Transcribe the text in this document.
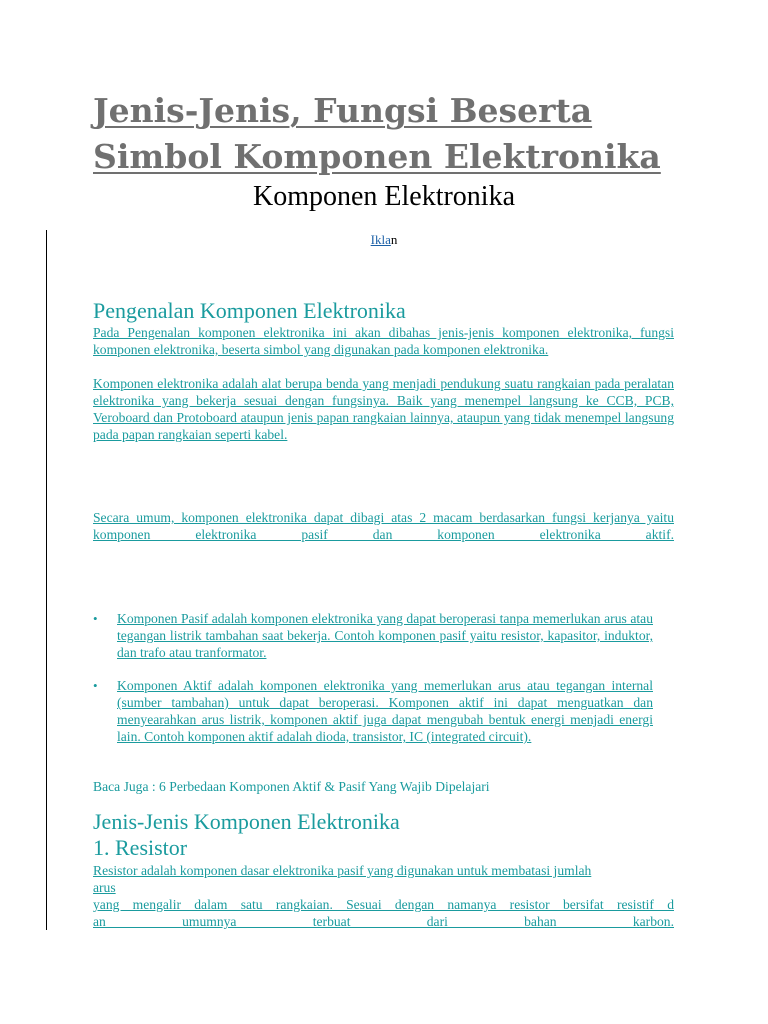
Jenis-Jenis, Fungsi Beserta Simbol Komponen Elektronika
Komponen Elektronika
Iklan
Pengenalan Komponen Elektronika

Pada Pengenalan komponen elektronika ini akan dibahas jenis-jenis komponen elektronika, fungsi komponen elektronika, beserta simbol yang digunakan pada komponen elektronika.

Komponen elektronika adalah alat berupa benda yang menjadi pendukung suatu rangkaian pada peralatan elektronika yang bekerja sesuai dengan fungsinya. Baik yang menempel langsung ke CCB, PCB, Veroboard dan Protoboard ataupun jenis papan rangkaian lainnya, ataupun yang tidak menempel langsung pada papan rangkaian seperti kabel.

Secara umum, komponen elektronika dapat dibagi atas 2 macam berdasarkan fungsi kerjanya yaitu komponen elektronika pasif dan komponen elektronika aktif.

• Komponen Pasif adalah komponen elektronika yang dapat beroperasi tanpa memerlukan arus atau tegangan listrik tambahan saat bekerja. Contoh komponen pasif yaitu resistor, kapasitor, induktor, dan trafo atau tranformator.

• Komponen Aktif adalah komponen elektronika yang memerlukan arus atau tegangan internal (sumber tambahan) untuk dapat beroperasi. Komponen aktif ini dapat menguatkan dan menyearahkan arus listrik, komponen aktif juga dapat mengubah bentuk energi menjadi energi lain. Contoh komponen aktif adalah dioda, transistor, IC (integrated circuit).

Baca Juga : 6 Perbedaan Komponen Aktif & Pasif Yang Wajib Dipelajari

Jenis-Jenis Komponen Elektronika
1. Resistor

Resistor adalah komponen dasar elektronika pasif yang digunakan untuk membatasi jumlah

arus

yang mengalir dalam satu rangkaian. Sesuai dengan namanya resistor bersifat resistif d

an umumnya terbuat dari bahan karbon.
